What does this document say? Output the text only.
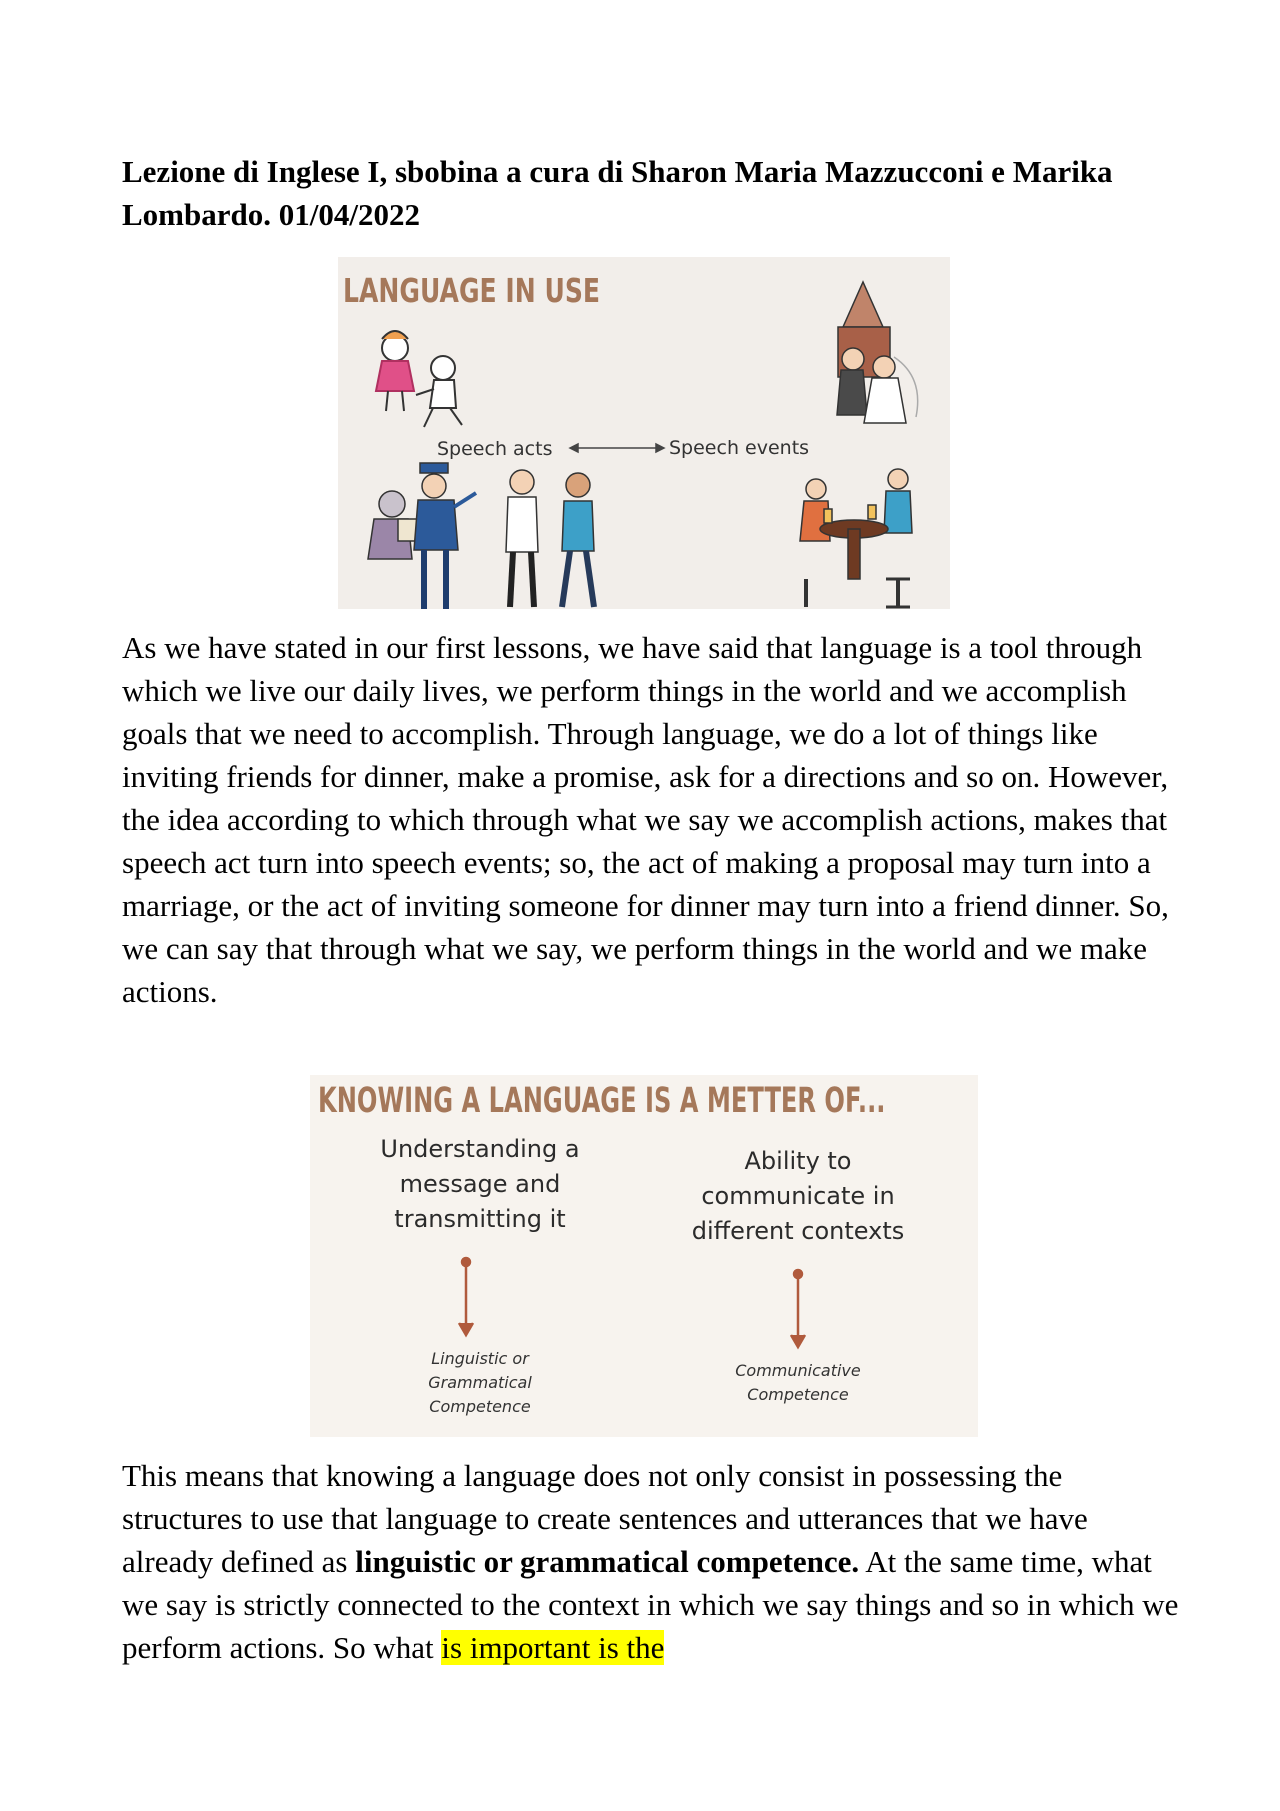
Lezione di Inglese I, sbobina a cura di Sharon Maria Mazzucconi e Marika Lombardo. 01/04/2022
LANGUAGE IN USE
Speech acts	Speech events

As we have stated in our first lessons, we have said that language is a tool through which we live our daily lives, we perform things in the world and we accomplish goals that we need to accomplish. Through language, we do a lot of things like inviting friends for dinner, make a promise, ask for a directions and so on. However, the idea according to which through what we say we accomplish actions, makes that speech act turn into speech events; so, the act of making a proposal may turn into a marriage, or the act of inviting someone for dinner may turn into a friend dinner. So, we can say that through what we say, we perform things in the world and we make actions.

KNOWING A LANGUAGE IS A METTER OF...
Understanding a
message and
transmitting it
Ability to
communicate in
different contexts
Linguistic or
Grammatical
Competence
Communicative
Competence

This means that knowing a language does not only consist in possessing the structures to use that language to create sentences and utterances that we have already defined as linguistic or grammatical competence. At the same time, what we say is strictly connected to the context in which we say things and so in which we perform actions. So what is important is the
